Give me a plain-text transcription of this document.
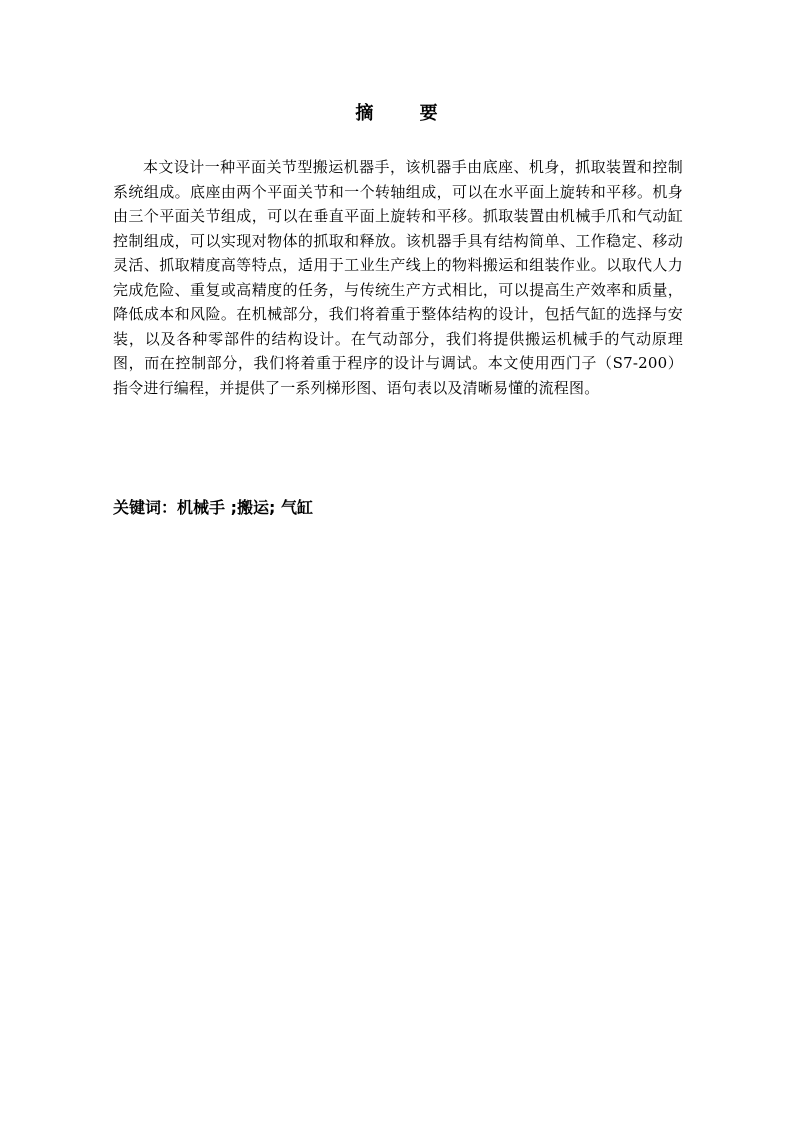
摘 要

本文设计一种平面关节型搬运机器手，该机器手由底座、机身，抓取装置和控制系统组成。底座由两个平面关节和一个转轴组成，可以在水平面上旋转和平移。机身由三个平面关节组成，可以在垂直平面上旋转和平移。抓取装置由机械手爪和气动缸控制组成，可以实现对物体的抓取和释放。该机器手具有结构简单、工作稳定、移动灵活、抓取精度高等特点，适用于工业生产线上的物料搬运和组装作业。以取代人力完成危险、重复或高精度的任务，与传统生产方式相比，可以提高生产效率和质量，降低成本和风险。在机械部分，我们将着重于整体结构的设计，包括气缸的选择与安装，以及各种零部件的结构设计。在气动部分，我们将提供搬运机械手的气动原理图，而在控制部分，我们将着重于程序的设计与调试。本文使用西门子（S7-200）指令进行编程，并提供了一系列梯形图、语句表以及清晰易懂的流程图。

关键词：机械手 ;搬运; 气缸
